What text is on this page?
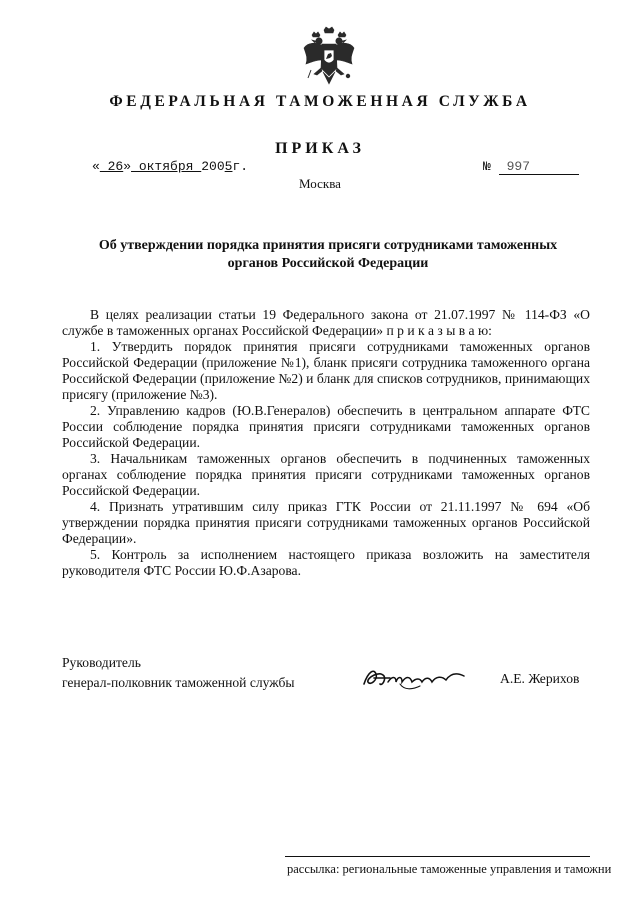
ФЕДЕРАЛЬНАЯ ТАМОЖЕННАЯ СЛУЖБА
ПРИКАЗ
« 26» октября 2005г.	№ 997
Москва
Об утверждении порядка принятия присяги сотрудниками таможенных органов Российской Федерации

В целях реализации статьи 19 Федерального закона от 21.07.1997 № 114-ФЗ «О службе в таможенных органах Российской Федерации» п р и к а з ы в а ю:

1. Утвердить порядок принятия присяги сотрудниками таможенных органов Российской Федерации (приложение №1), бланк присяги сотрудника таможенного органа Российской Федерации (приложение №2) и бланк для списков сотрудников, принимающих присягу (приложение №3).

2. Управлению кадров (Ю.В.Генералов) обеспечить в центральном аппарате ФТС России соблюдение порядка принятия присяги сотрудниками таможенных органов Российской Федерации.

3. Начальникам таможенных органов обеспечить в подчиненных таможенных органах соблюдение порядка принятия присяги сотрудниками таможенных органов Российской Федерации.

4. Признать утратившим силу приказ ГТК России от 21.11.1997 № 694 «Об утверждении порядка принятия присяги сотрудниками таможенных органов Российской Федерации».

5. Контроль за исполнением настоящего приказа возложить на заместителя руководителя ФТС России Ю.Ф.Азарова.

Руководитель
генерал-полковник таможенной службы	А.Е. Жерихов
рассылка: региональные таможенные управления и таможни
